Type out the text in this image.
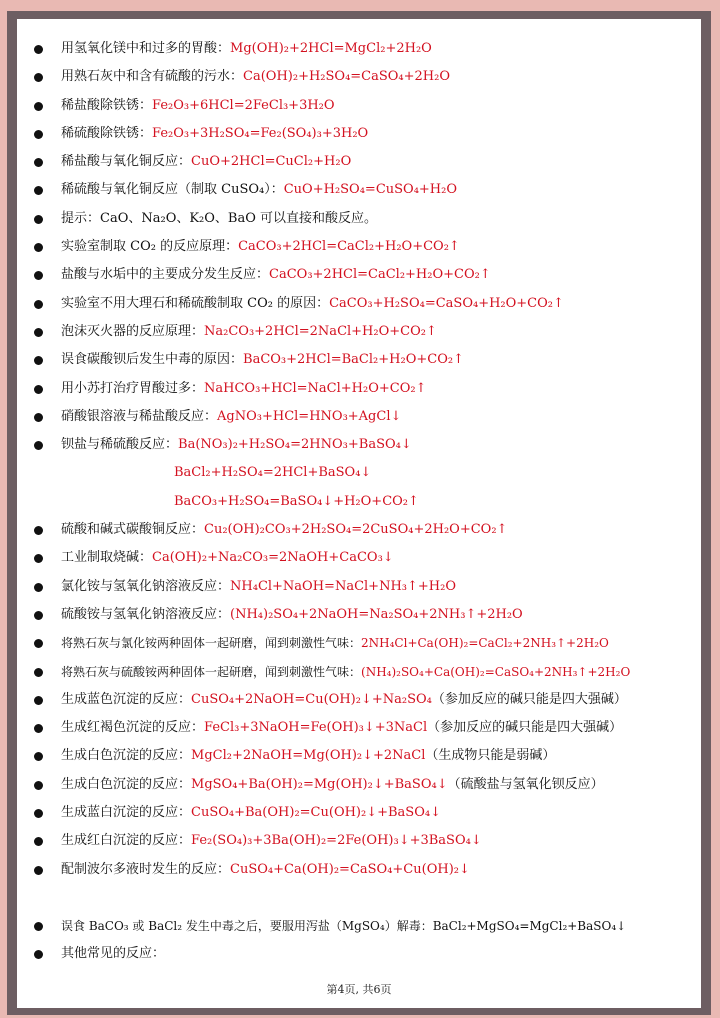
用氢氧化镁中和过多的胃酸：Mg(OH)₂+2HCl=MgCl₂+2H₂O
用熟石灰中和含有硫酸的污水：Ca(OH)₂+H₂SO₄=CaSO₄+2H₂O
稀盐酸除铁锈：Fe₂O₃+6HCl=2FeCl₃+3H₂O
稀硫酸除铁锈：Fe₂O₃+3H₂SO₄=Fe₂(SO₄)₃+3H₂O
稀盐酸与氧化铜反应：CuO+2HCl=CuCl₂+H₂O
稀硫酸与氧化铜反应（制取 CuSO₄）：CuO+H₂SO₄=CuSO₄+H₂O
提示：CaO、Na₂O、K₂O、BaO 可以直接和酸反应。
实验室制取 CO₂ 的反应原理：CaCO₃+2HCl=CaCl₂+H₂O+CO₂↑
盐酸与水垢中的主要成分发生反应：CaCO₃+2HCl=CaCl₂+H₂O+CO₂↑
实验室不用大理石和稀硫酸制取 CO₂ 的原因：CaCO₃+H₂SO₄=CaSO₄+H₂O+CO₂↑
泡沫灭火器的反应原理：Na₂CO₃+2HCl=2NaCl+H₂O+CO₂↑
误食碳酸钡后发生中毒的原因：BaCO₃+2HCl=BaCl₂+H₂O+CO₂↑
用小苏打治疗胃酸过多：NaHCO₃+HCl=NaCl+H₂O+CO₂↑
硝酸银溶液与稀盐酸反应：AgNO₃+HCl=HNO₃+AgCl↓
钡盐与稀硫酸反应：Ba(NO₃)₂+H₂SO₄=2HNO₃+BaSO₄↓
BaCl₂+H₂SO₄=2HCl+BaSO₄↓
BaCO₃+H₂SO₄=BaSO₄↓+H₂O+CO₂↑
硫酸和碱式碳酸铜反应：Cu₂(OH)₂CO₃+2H₂SO₄=2CuSO₄+2H₂O+CO₂↑
工业制取烧碱：Ca(OH)₂+Na₂CO₃=2NaOH+CaCO₃↓
氯化铵与氢氧化钠溶液反应：NH₄Cl+NaOH=NaCl+NH₃↑+H₂O
硫酸铵与氢氧化钠溶液反应：(NH₄)₂SO₄+2NaOH=Na₂SO₄+2NH₃↑+2H₂O
将熟石灰与氯化铵两种固体一起研磨，闻到刺激性气味：2NH₄Cl+Ca(OH)₂=CaCl₂+2NH₃↑+2H₂O
将熟石灰与硫酸铵两种固体一起研磨，闻到刺激性气味：(NH₄)₂SO₄+Ca(OH)₂=CaSO₄+2NH₃↑+2H₂O
生成蓝色沉淀的反应：CuSO₄+2NaOH=Cu(OH)₂↓+Na₂SO₄（参加反应的碱只能是四大强碱）
生成红褐色沉淀的反应：FeCl₃+3NaOH=Fe(OH)₃↓+3NaCl（参加反应的碱只能是四大强碱）
生成白色沉淀的反应：MgCl₂+2NaOH=Mg(OH)₂↓+2NaCl（生成物只能是弱碱）
生成白色沉淀的反应：MgSO₄+Ba(OH)₂=Mg(OH)₂↓+BaSO₄↓（硫酸盐与氢氧化钡反应）
生成蓝白沉淀的反应：CuSO₄+Ba(OH)₂=Cu(OH)₂↓+BaSO₄↓
生成红白沉淀的反应：Fe₂(SO₄)₃+3Ba(OH)₂=2Fe(OH)₃↓+3BaSO₄↓
配制波尔多液时发生的反应：CuSO₄+Ca(OH)₂=CaSO₄+Cu(OH)₂↓
误食 BaCO₃ 或 BaCl₂ 发生中毒之后，要服用泻盐（MgSO₄）解毒：BaCl₂+MgSO₄=MgCl₂+BaSO₄↓
其他常见的反应：
第4页, 共6页
